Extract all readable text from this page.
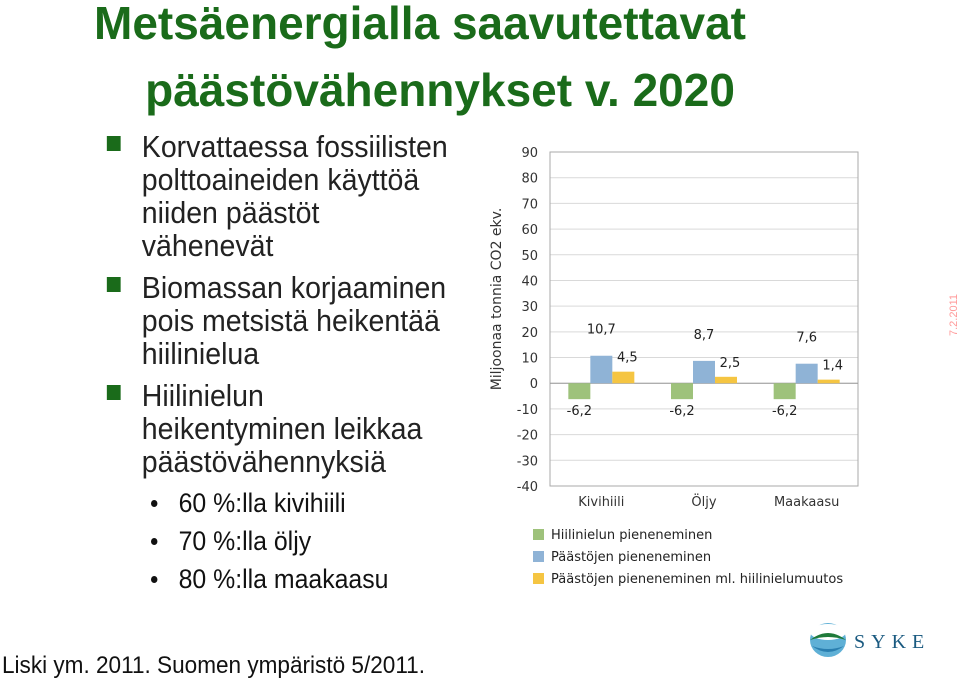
Metsäenergialla saavutettavat
päästövähennykset v. 2020
Korvattaessa fossiilisten polttoaineiden käyttöä niiden päästöt vähenevät
Biomassan korjaaminen pois metsistä heikentää hiilinielua
Hiilinielun heikentyminen leikkaa päästövähennyksiä
60 %:lla kivihiili
70 %:lla öljy
80 %:lla maakaasu
90
80
70
60
50
40
30
20
10
0
-10
-20
-30
-40
Miljoonaa tonnia CO2 ekv.
-6,2
10,7
4,5
Kivihiili
-6,2
8,7
2,5
Öljy
-6,2
7,6
1,4
Maakaasu
Hiilinielun pieneneminen
Päästöjen pieneneminen
Päästöjen pieneneminen ml. hiilinielumuutos
7.2.2011
Liski ym. 2011. Suomen ympäristö 5/2011.
SYKE
